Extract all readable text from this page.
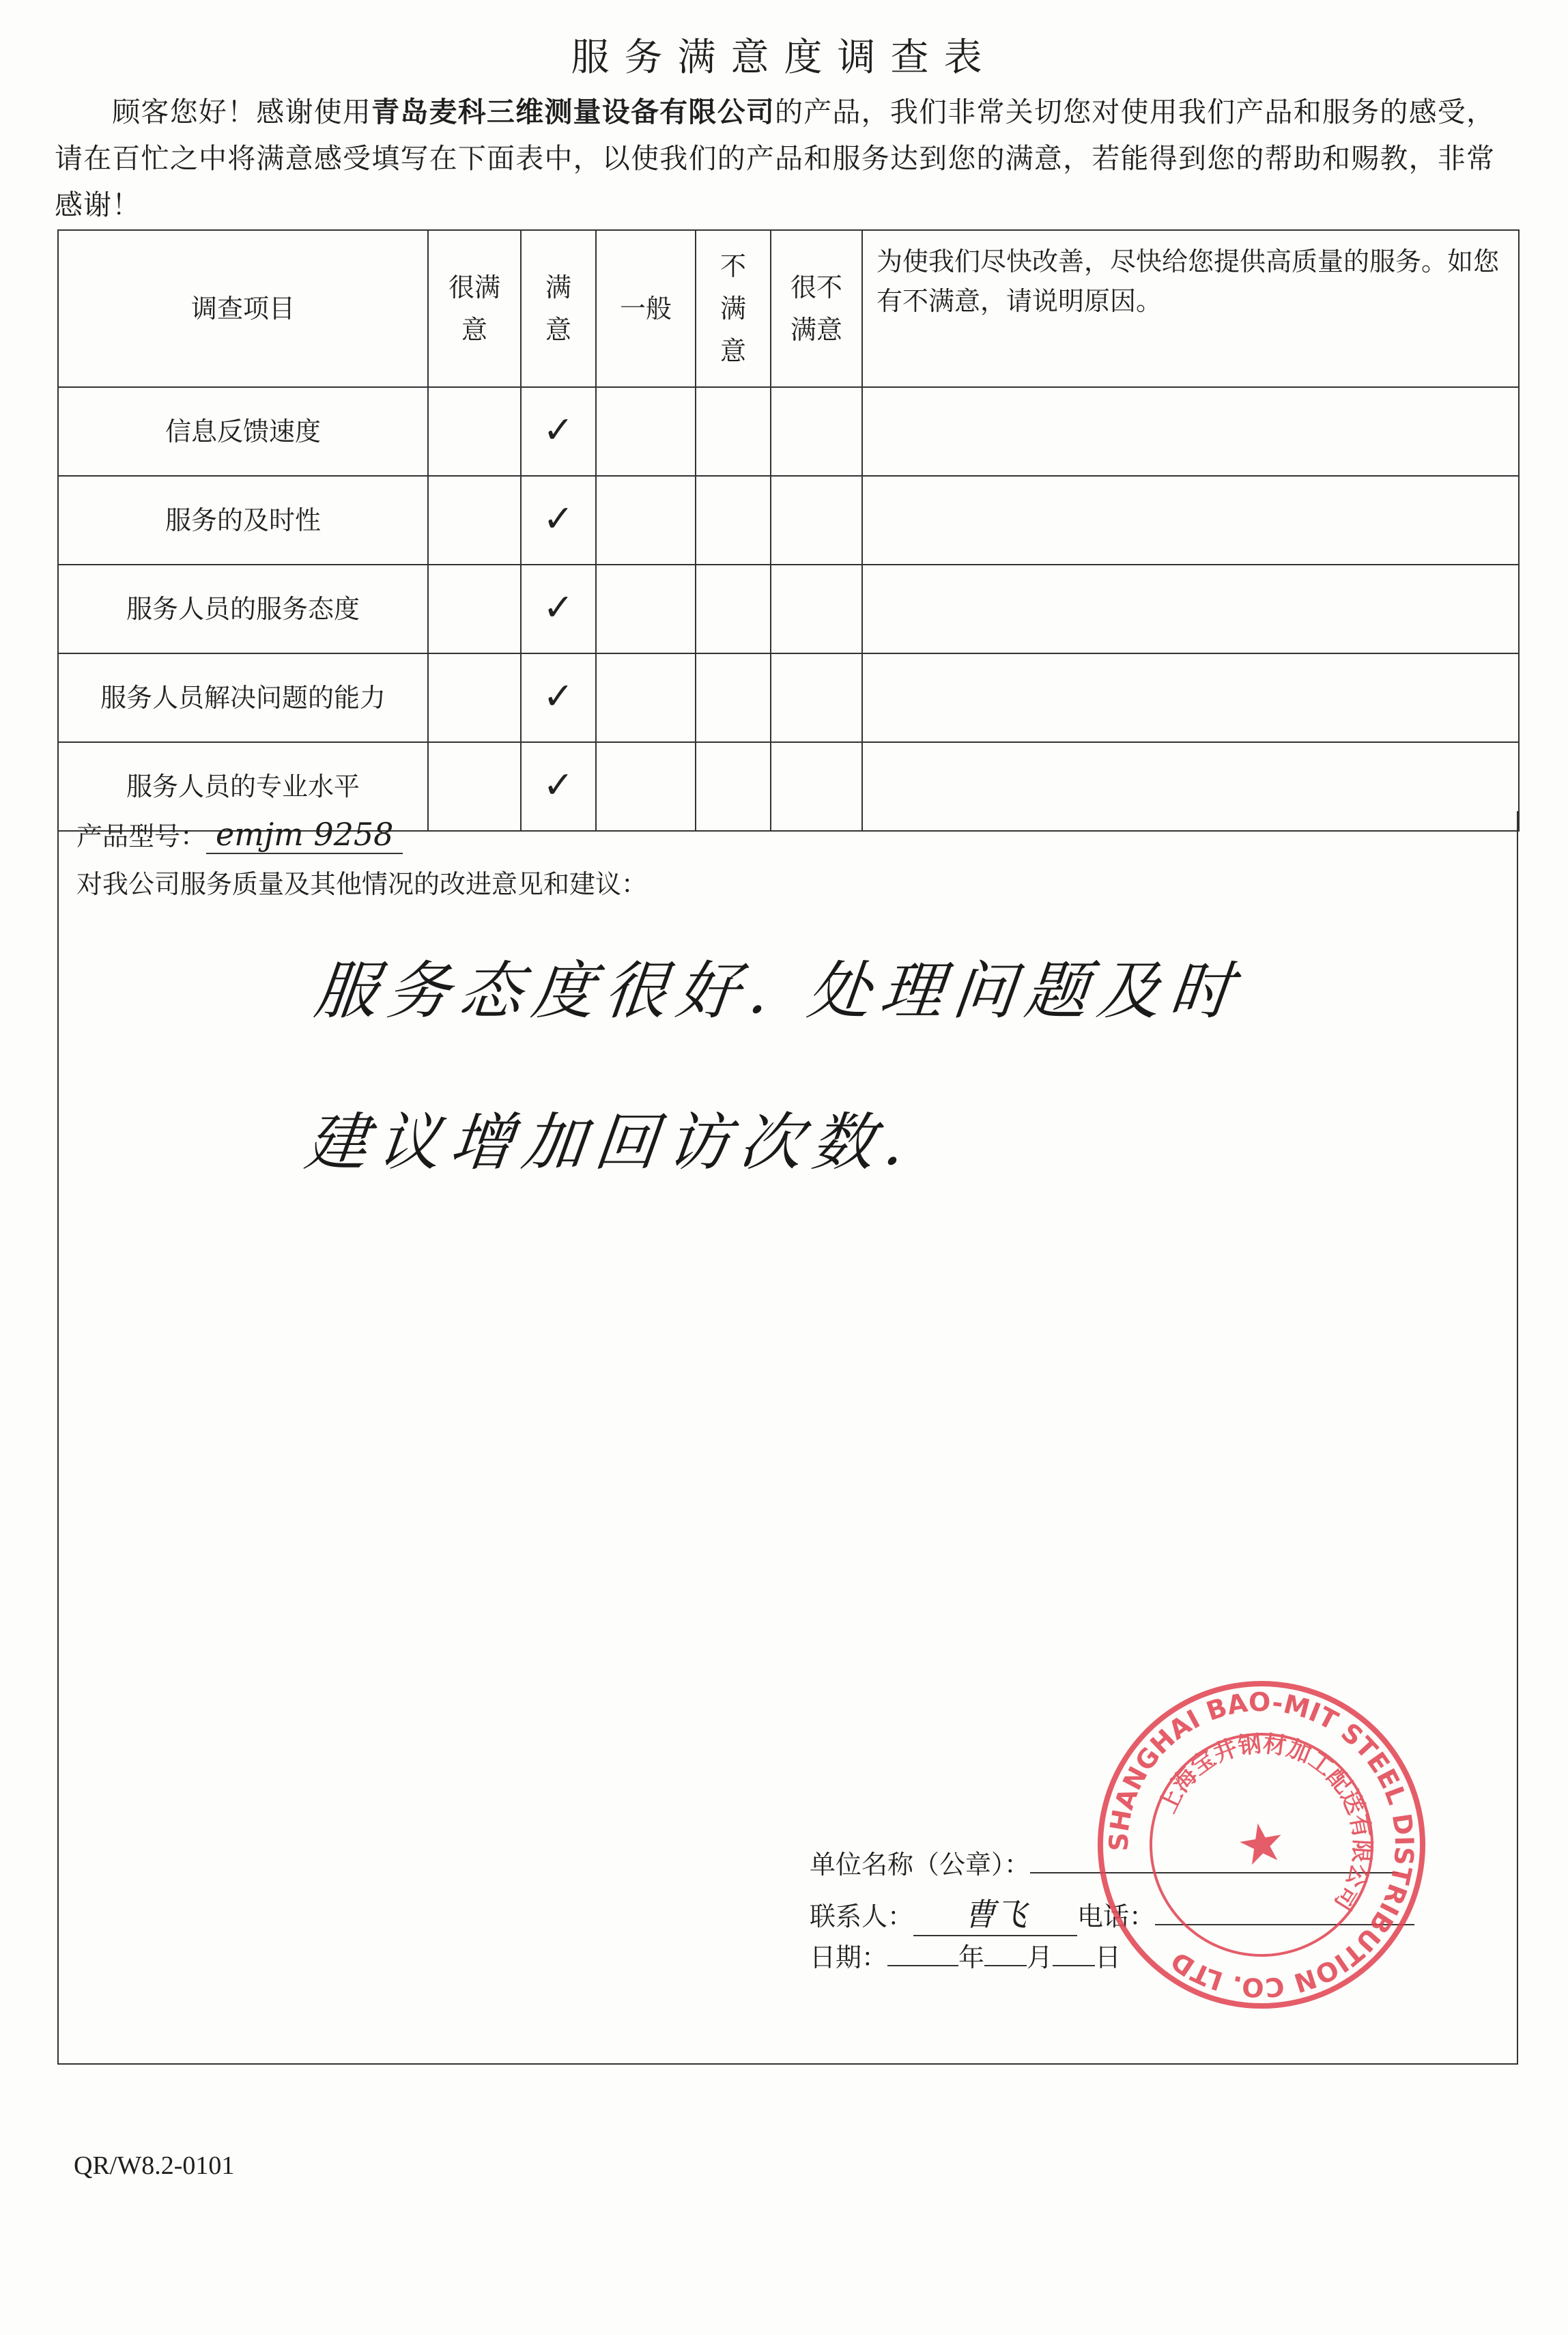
服务满意度调查表
顾客您好！感谢使用青岛麦科三维测量设备有限公司的产品，我们非常关切您对使用我们产品和服务的感受，请在百忙之中将满意感受填写在下面表中，以使我们的产品和服务达到您的满意，若能得到您的帮助和赐教，非常感谢！
调查项目	很满意	满意	一般	不满意	很不满意	为使我们尽快改善，尽快给您提供高质量的服务。如您有不满意，请说明原因。
信息反馈速度		✓				
服务的及时性		✓				
服务人员的服务态度		✓				
服务人员解决问题的能力		✓				
服务人员的专业水平		✓				
产品型号： emjm 9258
对我公司服务质量及其他情况的改进意见和建议：
服务态度很好. 处理问题及时
建议增加回访次数.
单位名称（公章）：
联系人： 曹飞 电话：
日期：	年 月 日
SHANGHAI BAO-MIT STEEL DISTRIBUTION CO. LTD
上海宝井钢材加工配送有限公司
★
QR/W8.2-0101
